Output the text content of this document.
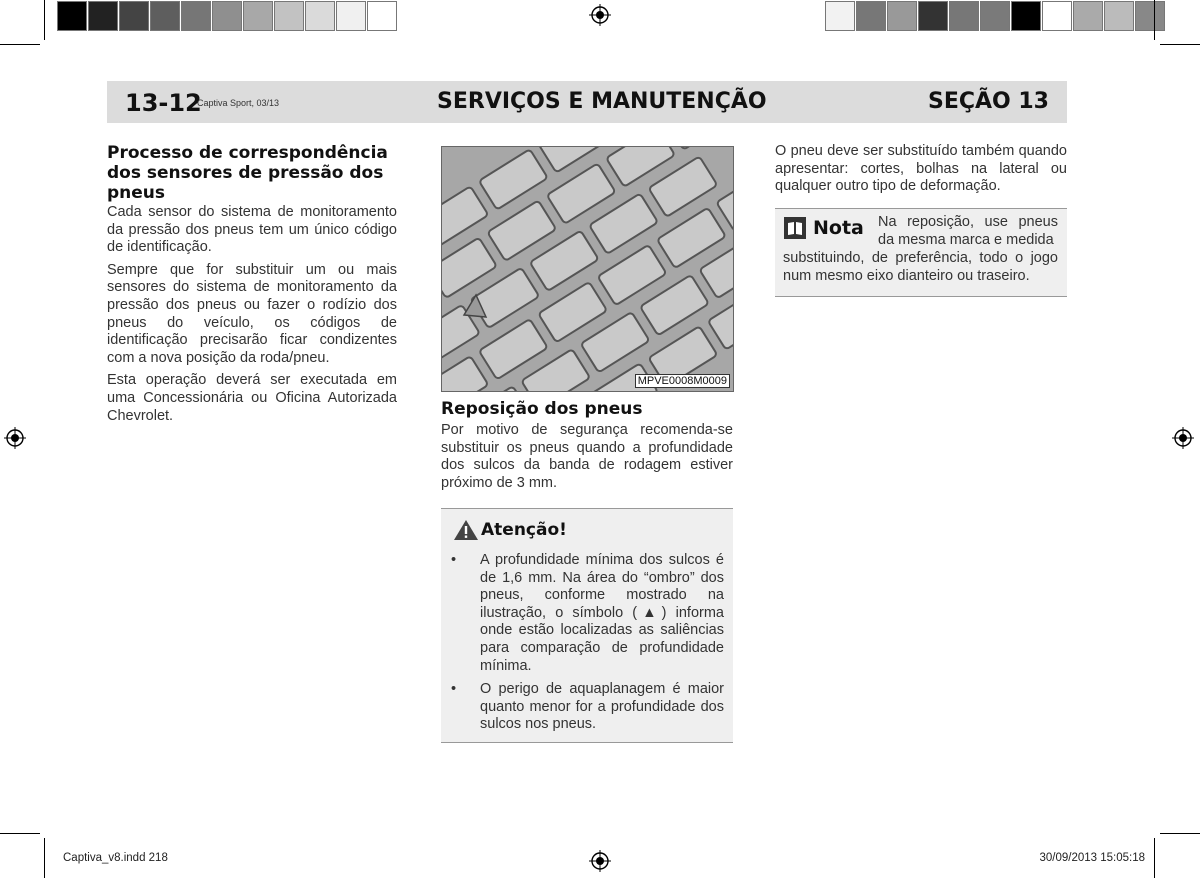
13-12
Captiva Sport, 03/13	SERVIÇOS E MANUTENÇÃO	SEÇÃO 13
Processo de correspondência dos sensores de pressão dos pneus

Cada sensor do sistema de monitoramento da pressão dos pneus tem um único código de identificação.

Sempre que for substituir um ou mais sensores do sistema de monitoramento da pressão dos pneus ou fazer o rodízio dos pneus do veículo, os códigos de identificação precisarão ficar condizentes com a nova posição da roda/pneu.

Esta operação deverá ser executada em uma Concessionária ou Oficina Autorizada Chevrolet.

MPVE0008M0009
Reposição dos pneus
Por motivo de segurança recomenda-se substituir os pneus quando a profundidade dos sulcos da banda de rodagem estiver próximo de 3 mm.
Atenção!
• A profundidade mínima dos sulcos é de 1,6 mm. Na área do “ombro” dos pneus, conforme mostrado na ilustração, o símbolo (▲) informa onde estão localizadas as saliências para comparação de profundidade mínima.
• O perigo de aquaplanagem é maior quanto menor for a profundidade dos sulcos nos pneus.
O pneu deve ser substituído também quando apresentar: cortes, bolhas na lateral ou qualquer outro tipo de deformação.
Nota Na reposição, use pneus da mesma marca e medida
substituindo, de preferência, todo o jogo num mesmo eixo dianteiro ou traseiro.
Captiva_v8.indd 218	30/09/2013 15:05:18
